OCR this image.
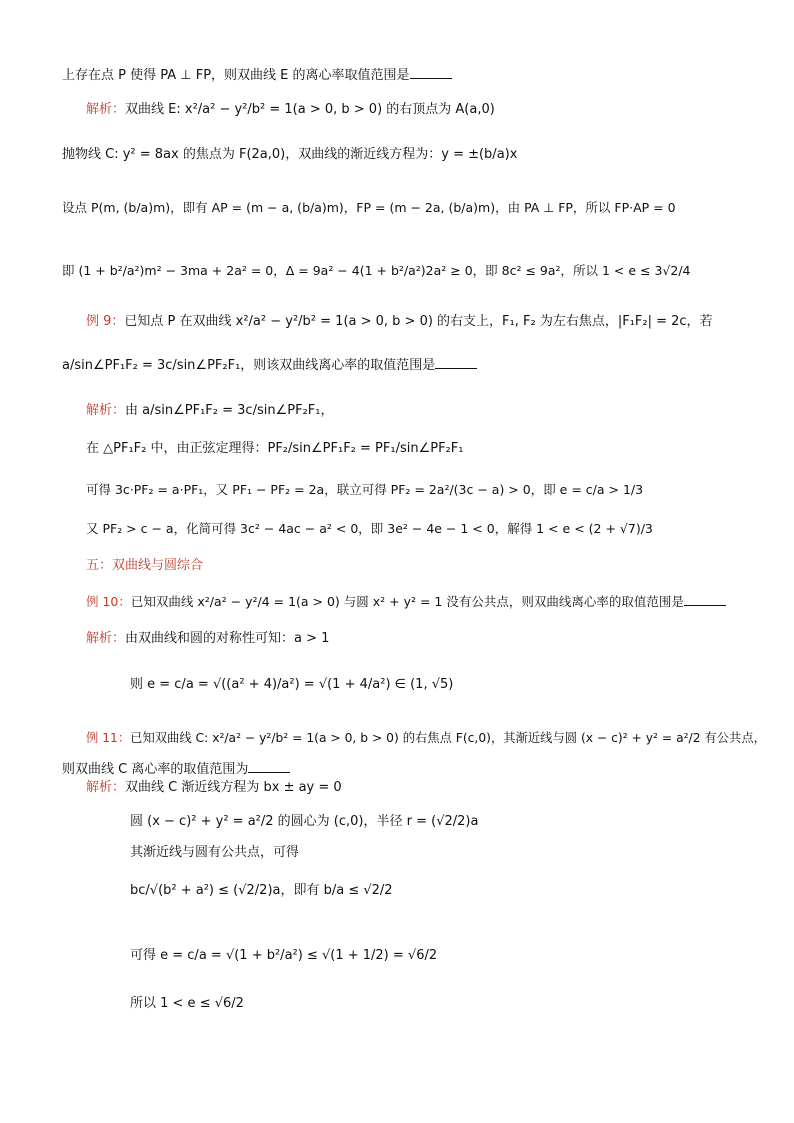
上存在点 P 使得 PA ⊥ FP，则双曲线 E 的离心率取值范围是
解析：双曲线 E: x²/a² − y²/b² = 1(a > 0, b > 0) 的右顶点为 A(a,0)
抛物线 C: y² = 8ax 的焦点为 F(2a,0)，双曲线的渐近线方程为：y = ±(b/a)x
设点 P(m, (b/a)m)，即有 AP = (m − a, (b/a)m)，FP = (m − 2a, (b/a)m)，由 PA ⊥ FP，所以 FP·AP = 0
即 (1 + b²/a²)m² − 3ma + 2a² = 0，Δ = 9a² − 4(1 + b²/a²)2a² ≥ 0，即 8c² ≤ 9a²，所以 1 < e ≤ 3√2/4
例 9：已知点 P 在双曲线 x²/a² − y²/b² = 1(a > 0, b > 0) 的右支上，F₁, F₂ 为左右焦点，|F₁F₂| = 2c，若
a/sin∠PF₁F₂ = 3c/sin∠PF₂F₁，则该双曲线离心率的取值范围是
解析：由 a/sin∠PF₁F₂ = 3c/sin∠PF₂F₁，
在 △PF₁F₂ 中，由正弦定理得：PF₂/sin∠PF₁F₂ = PF₁/sin∠PF₂F₁
可得 3c·PF₂ = a·PF₁，又 PF₁ − PF₂ = 2a，联立可得 PF₂ = 2a²/(3c − a) > 0，即 e = c/a > 1/3
又 PF₂ > c − a，化简可得 3c² − 4ac − a² < 0，即 3e² − 4e − 1 < 0，解得 1 < e < (2 + √7)/3
五：双曲线与圆综合
例 10：已知双曲线 x²/a² − y²/4 = 1(a > 0) 与圆 x² + y² = 1 没有公共点，则双曲线离心率的取值范围是
解析：由双曲线和圆的对称性可知：a > 1
则 e = c/a = √((a² + 4)/a²) = √(1 + 4/a²) ∈ (1, √5)
例 11：已知双曲线 C: x²/a² − y²/b² = 1(a > 0, b > 0) 的右焦点 F(c,0)，其渐近线与圆 (x − c)² + y² = a²/2 有公共点，
则双曲线 C 离心率的取值范围为
解析：双曲线 C 渐近线方程为 bx ± ay = 0
圆 (x − c)² + y² = a²/2 的圆心为 (c,0)，半径 r = (√2/2)a
其渐近线与圆有公共点，可得
bc/√(b² + a²) ≤ (√2/2)a，即有 b/a ≤ √2/2
可得 e = c/a = √(1 + b²/a²) ≤ √(1 + 1/2) = √6/2
所以 1 < e ≤ √6/2
